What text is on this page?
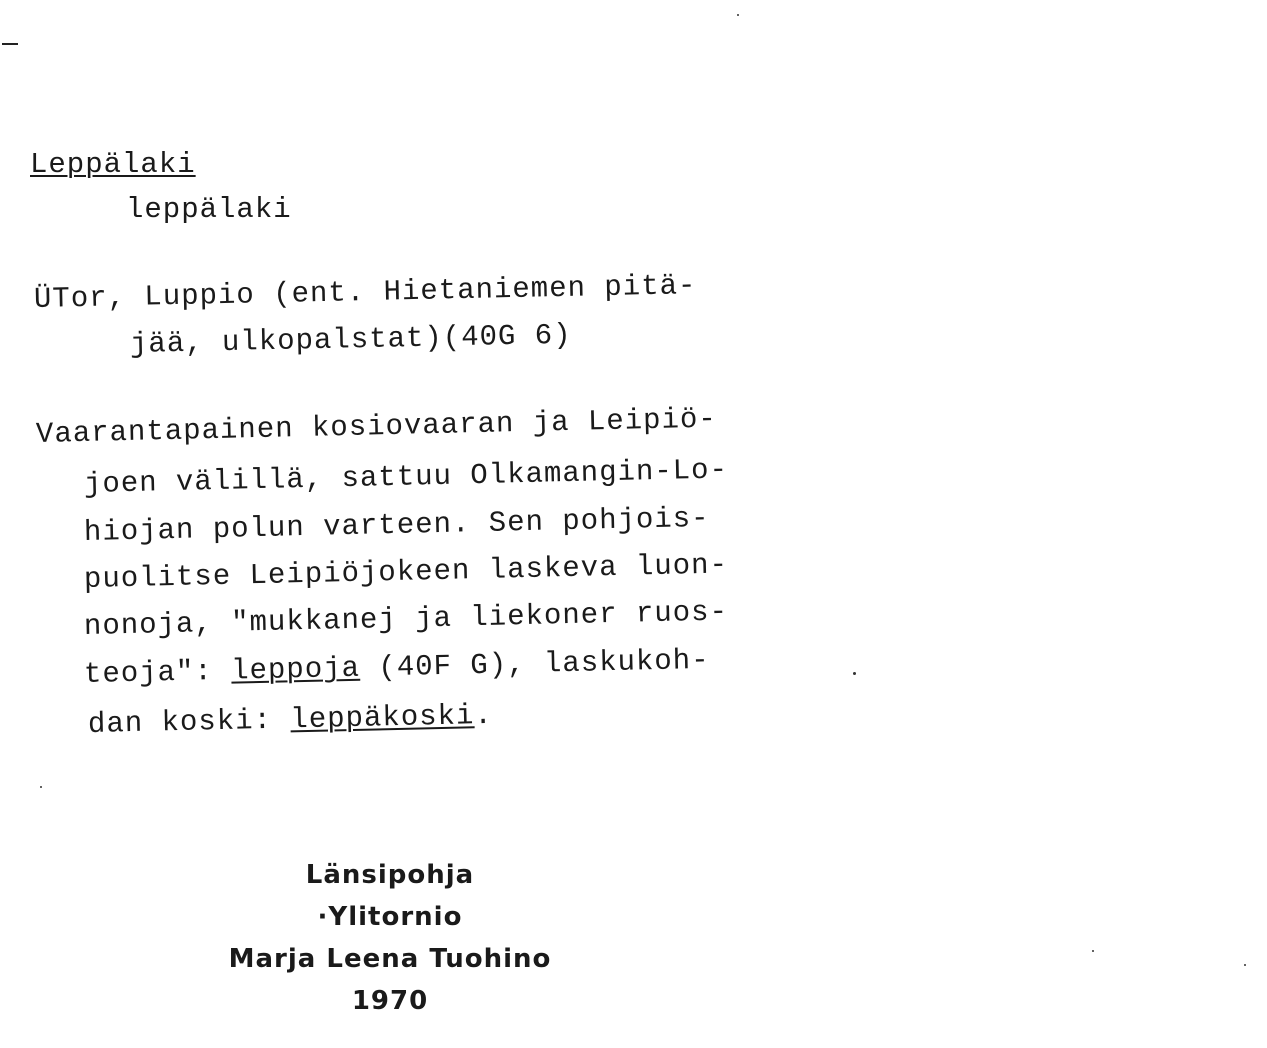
Leppälaki
leppälaki
ÜTor, Luppio (ent. Hietaniemen pitä-
jää, ulkopalstat)(40G 6)
Vaarantapainen kosiovaaran ja Leipiö-
joen välillä, sattuu Olkamangin-Lo-
hiojan polun varteen. Sen pohjois-
puolitse Leipiöjokeen laskeva luon-
nonoja, "mukkanej ja liekoner ruos-
teoja": leppoja (40F G), laskukoh-
dan koski: leppäkoski.
Länsipohja
·Ylitornio
Marja Leena Tuohino
1970
